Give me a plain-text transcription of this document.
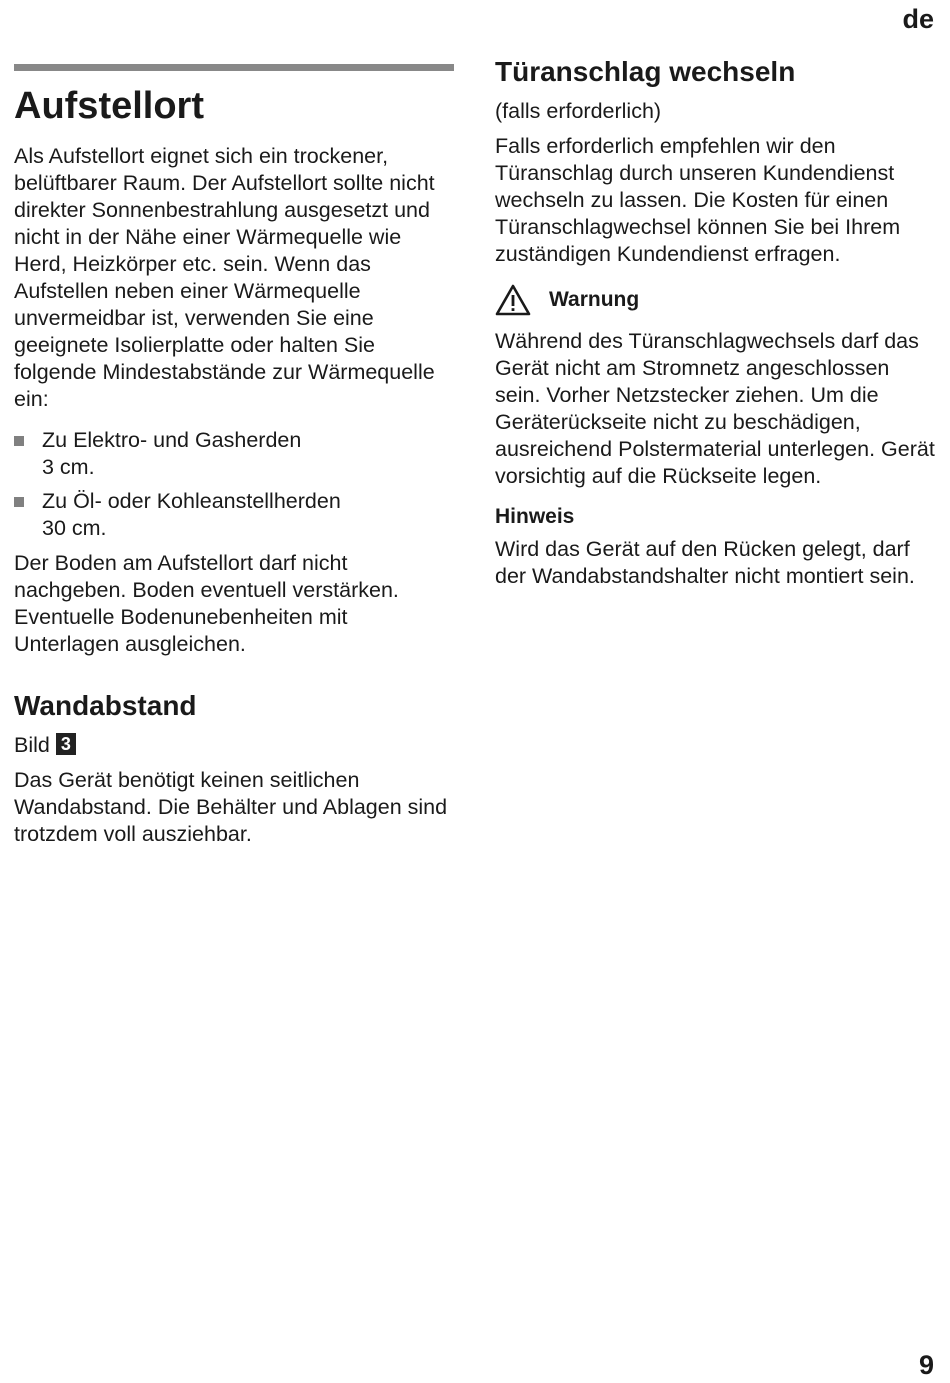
de
Aufstellort

Als Aufstellort eignet sich ein trockener, belüftbarer Raum. Der Aufstellort sollte nicht direkter Sonnenbestrahlung ausgesetzt und nicht in der Nähe einer Wärmequelle wie Herd, Heizkörper etc. sein. Wenn das Aufstellen neben einer Wärmequelle unvermeidbar ist, verwenden Sie eine geeignete Isolierplatte oder halten Sie folgende Mindestabstände zur Wärmequelle ein:

Zu Elektro- und Gasherden
3 cm.
Zu Öl- oder Kohleanstellherden
30 cm.

Der Boden am Aufstellort darf nicht nachgeben. Boden eventuell verstärken. Eventuelle Bodenunebenheiten mit Unterlagen ausgleichen.

Wandabstand

Bild 3

Das Gerät benötigt keinen seitlichen Wandabstand. Die Behälter und Ablagen sind trotzdem voll ausziehbar.

Türanschlag wechseln

(falls erforderlich)

Falls erforderlich empfehlen wir den Türanschlag durch unseren Kundendienst wechseln zu lassen. Die Kosten für einen Türanschlagwechsel können Sie bei Ihrem zuständigen Kundendienst erfragen.

Warnung

Während des Türanschlagwechsels darf das Gerät nicht am Stromnetz angeschlossen sein. Vorher Netzstecker ziehen. Um die Geräterückseite nicht zu beschädigen, ausreichend Polstermaterial unterlegen. Gerät vorsichtig auf die Rückseite legen.

Hinweis

Wird das Gerät auf den Rücken gelegt, darf der Wandabstandshalter nicht montiert sein.

9
